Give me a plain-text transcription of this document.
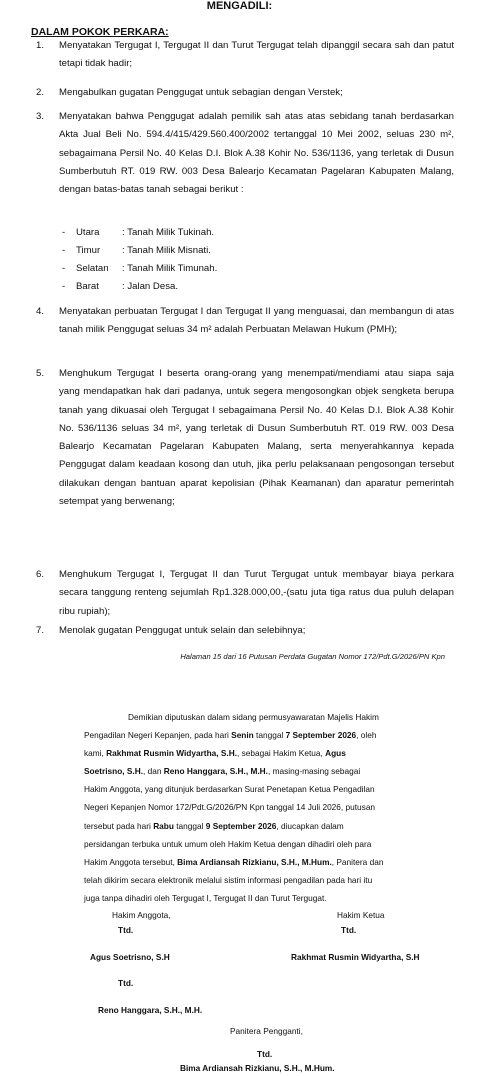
MENGADILI:
DALAM POKOK PERKARA:
1.	Menyatakan Tergugat I, Tergugat II dan Turut Tergugat telah dipanggil secara sah dan patut tetapi tidak hadir;
2.	Mengabulkan gugatan Penggugat untuk sebagian dengan Verstek;
3.	Menyatakan bahwa Penggugat adalah pemilik sah atas atas sebidang tanah berdasarkan Akta Jual Beli No. 594.4/415/429.560.400/2002 tertanggal 10 Mei 2002, seluas 230 m², sebagaimana Persil No. 40 Kelas D.I. Blok A.38 Kohir No. 536/1136, yang terletak di Dusun Sumberbutuh RT. 019 RW. 003 Desa Balearjo Kecamatan Pagelaran Kabupaten Malang, dengan batas-batas tanah sebagai berikut :
4.	Menyatakan perbuatan Tergugat I dan Tergugat II yang menguasai, dan membangun di atas tanah milik Penggugat seluas 34 m² adalah Perbuatan Melawan Hukum (PMH);
5.	Menghukum Tergugat I beserta orang-orang yang menempati/mendiami atau siapa saja yang mendapatkan hak dari padanya, untuk segera mengosongkan objek sengketa berupa tanah yang dikuasai oleh Tergugat I sebagaimana Persil No. 40 Kelas D.I. Blok A.38 Kohir No. 536/1136 seluas 34 m², yang terletak di Dusun Sumberbutuh RT. 019 RW. 003 Desa Balearjo Kecamatan Pagelaran Kabupaten Malang, serta menyerahkannya kepada Penggugat dalam keadaan kosong dan utuh, jika perlu pelaksanaan pengosongan tersebut dilakukan dengan bantuan aparat kepolisian (Pihak Keamanan) dan aparatur pemerintah setempat yang berwenang;
6.	Menghukum Tergugat I, Tergugat II dan Turut Tergugat untuk membayar biaya perkara secara tanggung renteng sejumlah Rp1.328.000,00,-(satu juta tiga ratus dua puluh delapan ribu rupiah);
7.	Menolak gugatan Penggugat untuk selain dan selebihnya;
- Utara : Tanah Milik Tukinah.
- Timur : Tanah Milik Misnati.
- Selatan : Tanah Milik Timunah.
- Barat : Jalan Desa.
Halaman 15 dari 16 Putusan Perdata Gugatan Nomor 172/Pdt.G/2026/PN Kpn

Demikian diputuskan dalam sidang permusyawaratan Majelis Hakim

Pengadilan Negeri Kepanjen, pada hari Senin tanggal 7 September 2026, oleh

kami, Rakhmat Rusmin Widyartha, S.H., sebagai Hakim Ketua, Agus

Soetrisno, S.H., dan Reno Hanggara, S.H., M.H., masing-masing sebagai

Hakim Anggota, yang ditunjuk berdasarkan Surat Penetapan Ketua Pengadilan

Negeri Kepanjen Nomor 172/Pdt.G/2026/PN Kpn tanggal 14 Juli 2026, putusan

tersebut pada hari Rabu tanggal 9 September 2026, diucapkan dalam

persidangan terbuka untuk umum oleh Hakim Ketua dengan dihadiri oleh para

Hakim Anggota tersebut, Bima Ardiansah Rizkianu, S.H., M.Hum., Panitera dan

telah dikirim secara elektronik melalui sistim informasi pengadilan pada hari itu

juga tanpa dihadiri oleh Tergugat I, Tergugat II dan Turut Tergugat.

Hakim Anggota,	Hakim Ketua
Ttd.	Ttd.
Agus Soetrisno, S.H	Rakhmat Rusmin Widyartha, S.H
Ttd.
Reno Hanggara, S.H., M.H.
Panitera Pengganti,
Ttd.
Bima Ardiansah Rizkianu, S.H., M.Hum.
